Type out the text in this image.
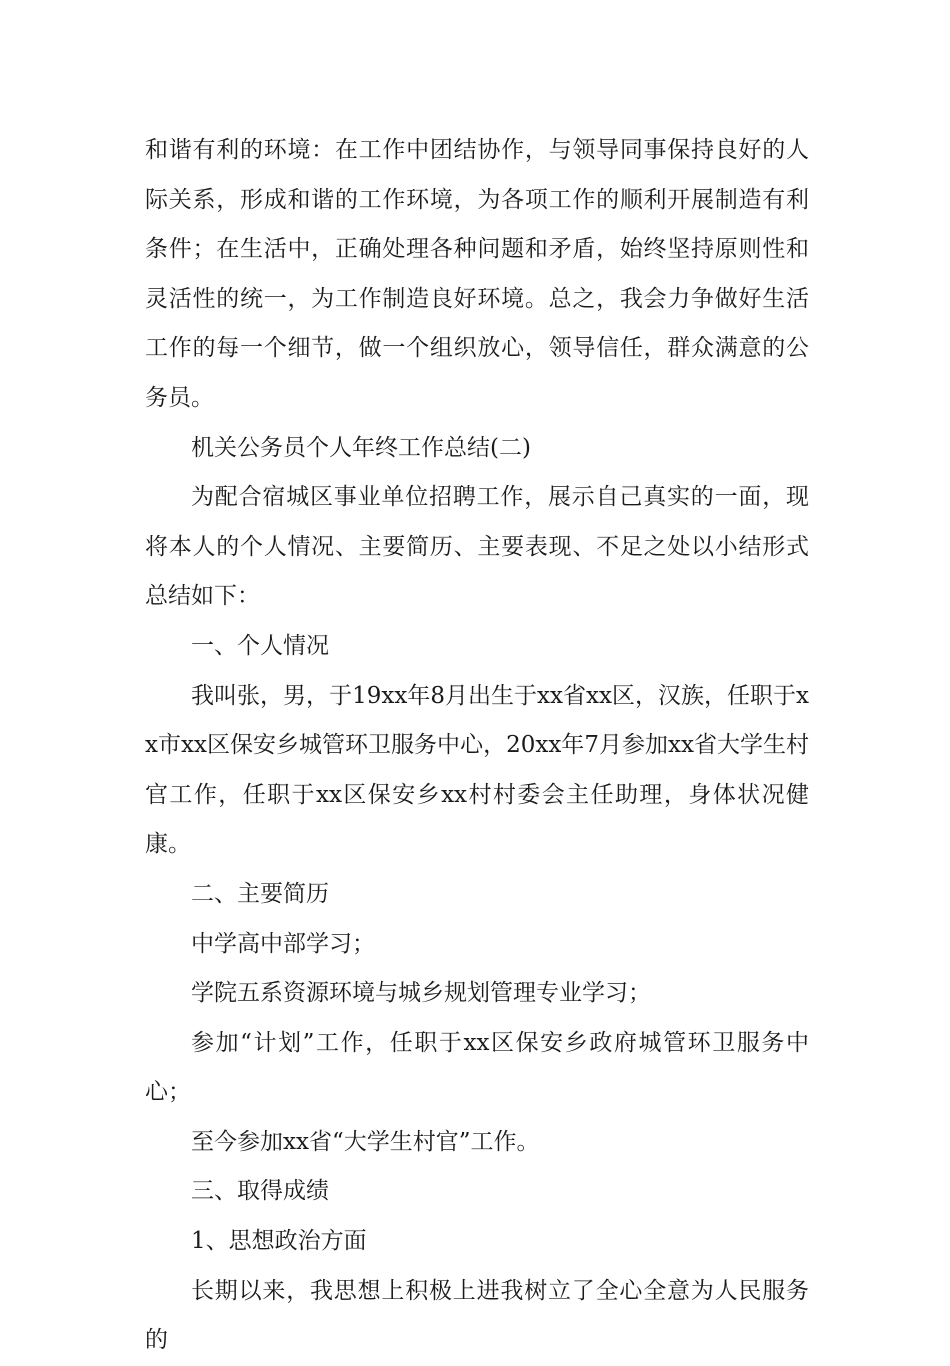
和谐有利的环境：在工作中团结协作，与领导同事保持良好的人际关系，形成和谐的工作环境，为各项工作的顺利开展制造有利条件；在生活中，正确处理各种问题和矛盾，始终坚持原则性和灵活性的统一，为工作制造良好环境。总之，我会力争做好生活工作的每一个细节，做一个组织放心，领导信任，群众满意的公务员。

机关公务员个人年终工作总结(二)

为配合宿城区事业单位招聘工作，展示自己真实的一面，现将本人的个人情况、主要简历、主要表现、不足之处以小结形式总结如下：

一、个人情况

我叫张，男，于19xx年8月出生于xx省xx区，汉族，任职于xx市xx区保安乡城管环卫服务中心，20xx年7月参加xx省大学生村官工作，任职于xx区保安乡xx村村委会主任助理，身体状况健康。

二、主要简历

中学高中部学习；

学院五系资源环境与城乡规划管理专业学习；

参加“计划”工作，任职于xx区保安乡政府城管环卫服务中心；

至今参加xx省“大学生村官”工作。

三、取得成绩

1、思想政治方面

长期以来，我思想上积极上进我树立了全心全意为人民服务的
